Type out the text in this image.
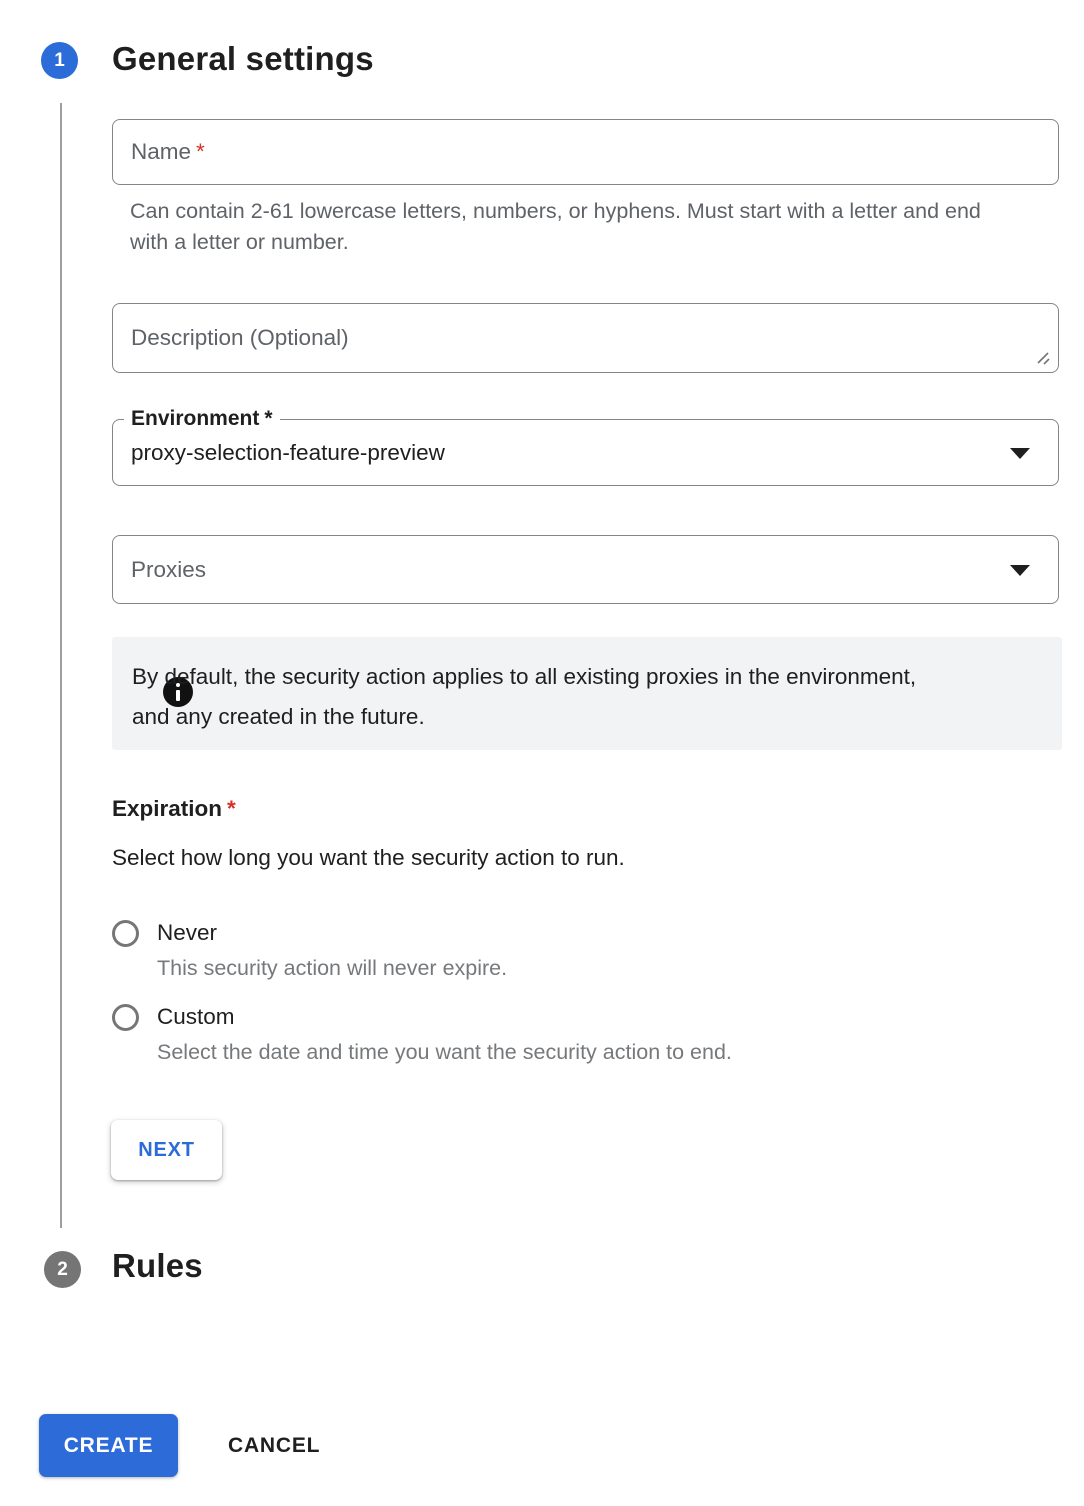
1 General settings
Name *
Can contain 2-61 lowercase letters, numbers, or hyphens. Must start with a letter and end with a letter or number.
Description (Optional)
Environment *
proxy-selection-feature-preview
Proxies
By default, the security action applies to all existing proxies in the environment, and any created in the future.
Expiration *
Select how long you want the security action to run.
Never
This security action will never expire.
Custom
Select the date and time you want the security action to end.
NEXT
2 Rules
CREATE	CANCEL
